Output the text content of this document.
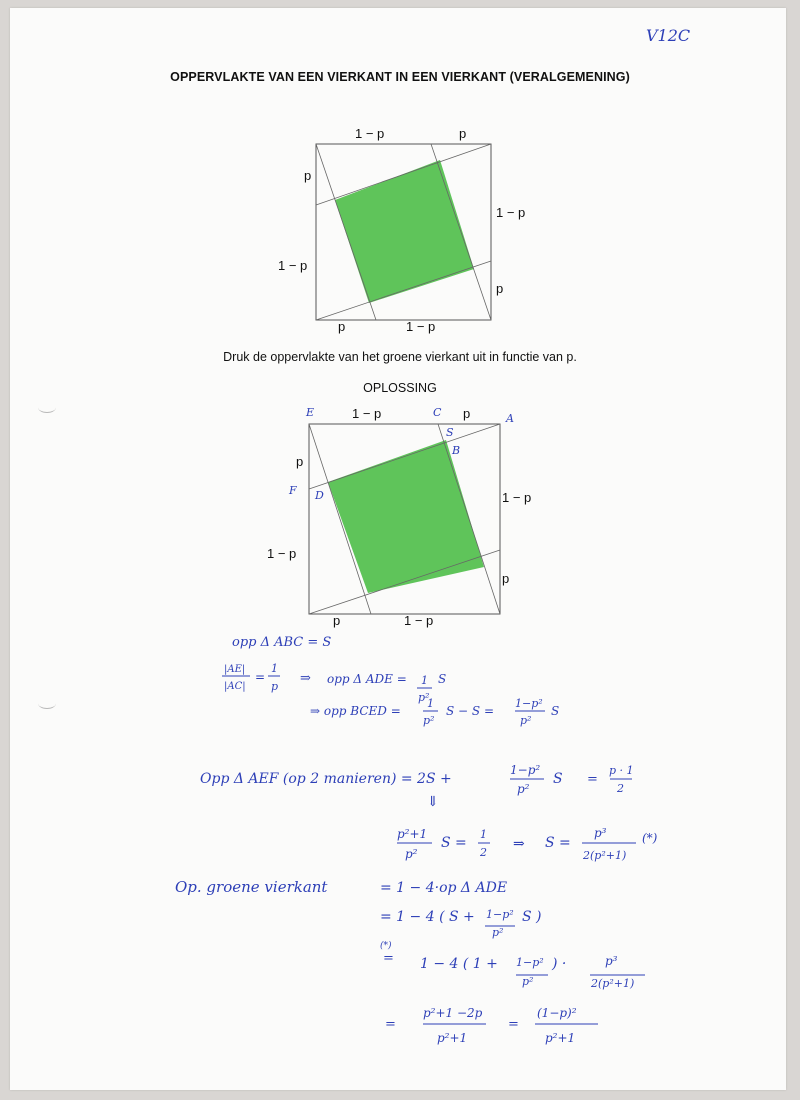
V12C
OPPERVLAKTE VAN EEN VIERKANT IN EEN VIERKANT (VERALGEMENING)
1 − p	p
p
1 − p
1 − p
p
p	1 − p
Druk de oppervlakte van het groene vierkant uit in functie van p.
OPLOSSING
1 − p	p
p
1 − p
1 − p
p
p	1 − p
E	C	A
S
B
F D
opp Δ ABC = S
|AE|
|AC|
=
1
p
⇒ opp Δ ADE = 1
p²
S
⇒ opp BCED =
1
p²
S − S =
1−p²
p²
S
Opp Δ AEF (op 2 manieren) = 2S +
1−p²
p²
S =
p · 1
2
⇓
p²+1
p²
S =
1
2
⇒ S =
p³
2(p²+1)
(*)
Op. groene vierkant	= 1 − 4·op Δ ADE
= 1 − 4 ( S + 1−p²
p²
S )
(*)
= 1 − 4 ( 1 + 1−p²
p²
) ·	p³
2(p²+1)
=
p²+1 −2p
p²+1
=
(1−p)²
p²+1
